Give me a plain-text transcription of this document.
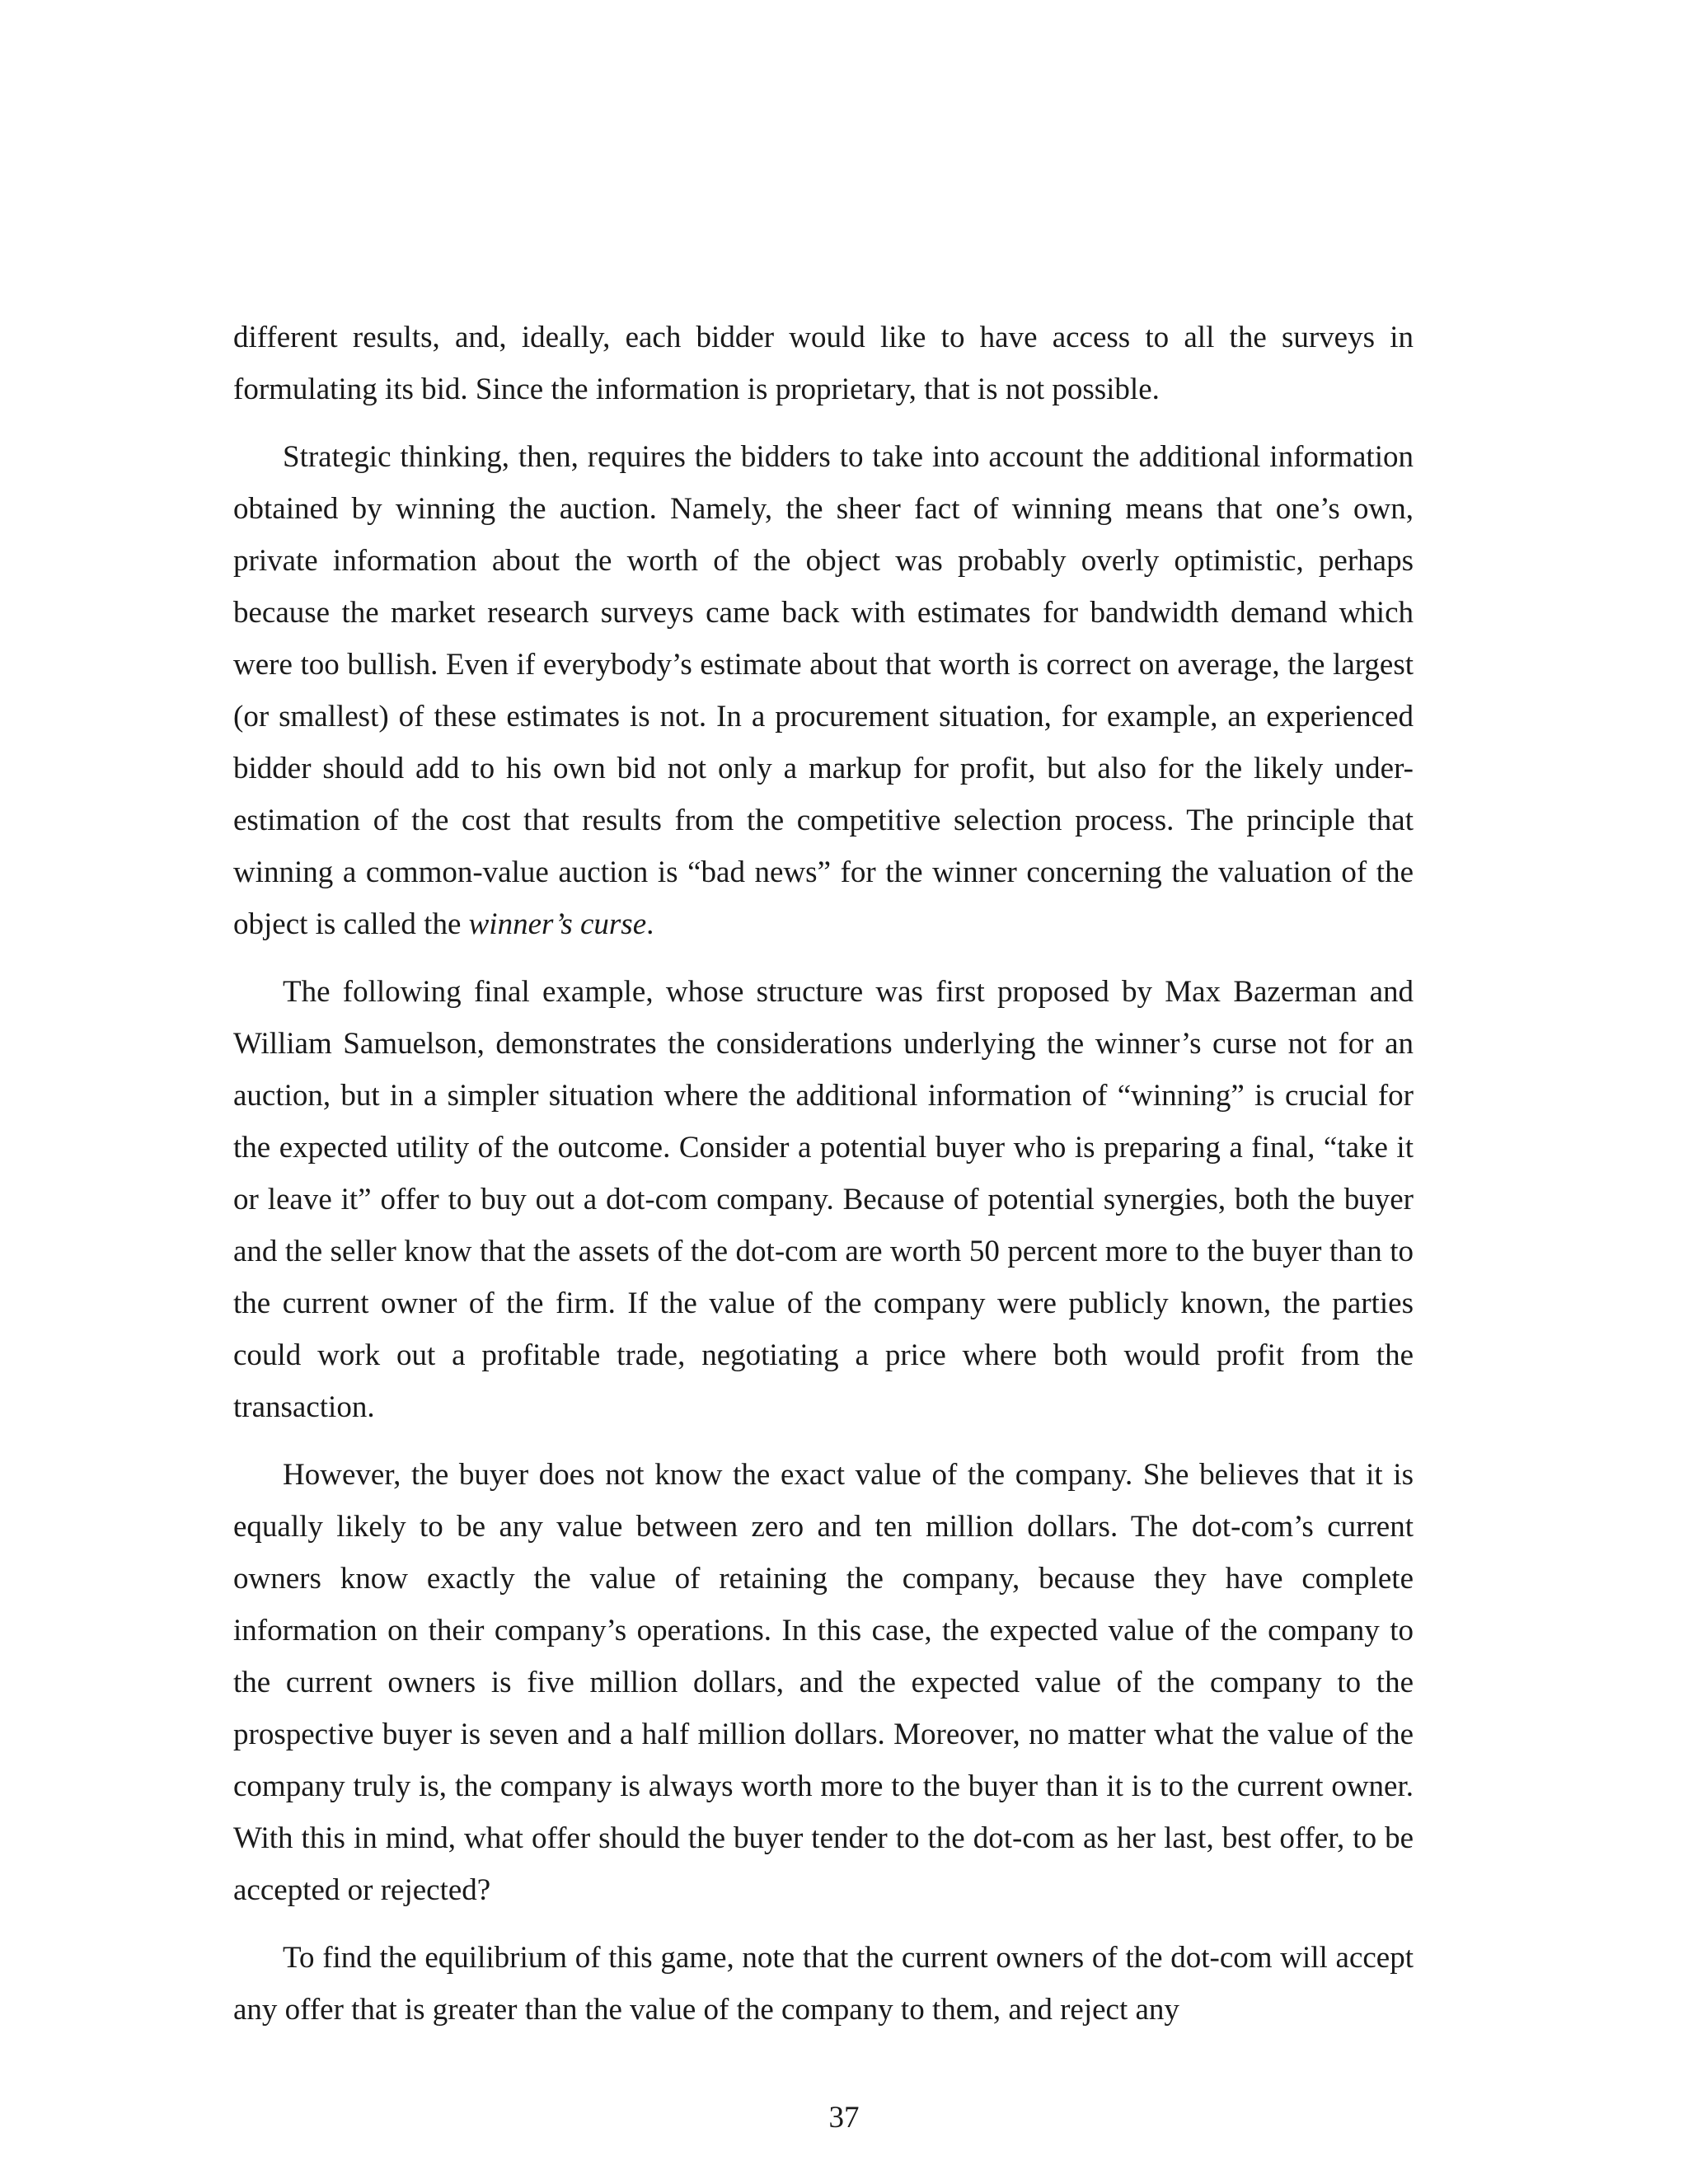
different results, and, ideally, each bidder would like to have access to all the surveys in formulating its bid. Since the information is proprietary, that is not possible.

Strategic thinking, then, requires the bidders to take into account the additional information obtained by winning the auction. Namely, the sheer fact of winning means that one’s own, private information about the worth of the object was probably overly optimistic, perhaps because the market research surveys came back with estimates for bandwidth demand which were too bullish. Even if everybody’s estimate about that worth is correct on average, the largest (or smallest) of these estimates is not. In a procurement situation, for example, an experienced bidder should add to his own bid not only a markup for profit, but also for the likely under-estimation of the cost that results from the competitive selection process. The principle that winning a common-value auction is “bad news” for the winner concerning the valuation of the object is called the winner’s curse.

The following final example, whose structure was first proposed by Max Bazerman and William Samuelson, demonstrates the considerations underlying the winner’s curse not for an auction, but in a simpler situation where the additional information of “winning” is crucial for the expected utility of the outcome. Consider a potential buyer who is preparing a final, “take it or leave it” offer to buy out a dot-com company. Because of potential synergies, both the buyer and the seller know that the assets of the dot-com are worth 50 percent more to the buyer than to the current owner of the firm. If the value of the company were publicly known, the parties could work out a profitable trade, negotiating a price where both would profit from the transaction.

However, the buyer does not know the exact value of the company. She believes that it is equally likely to be any value between zero and ten million dollars. The dot-com’s current owners know exactly the value of retaining the company, because they have complete information on their company’s operations. In this case, the expected value of the company to the current owners is five million dollars, and the expected value of the company to the prospective buyer is seven and a half million dollars. Moreover, no matter what the value of the company truly is, the company is always worth more to the buyer than it is to the current owner. With this in mind, what offer should the buyer tender to the dot-com as her last, best offer, to be accepted or rejected?

To find the equilibrium of this game, note that the current owners of the dot-com will accept any offer that is greater than the value of the company to them, and reject any

37
